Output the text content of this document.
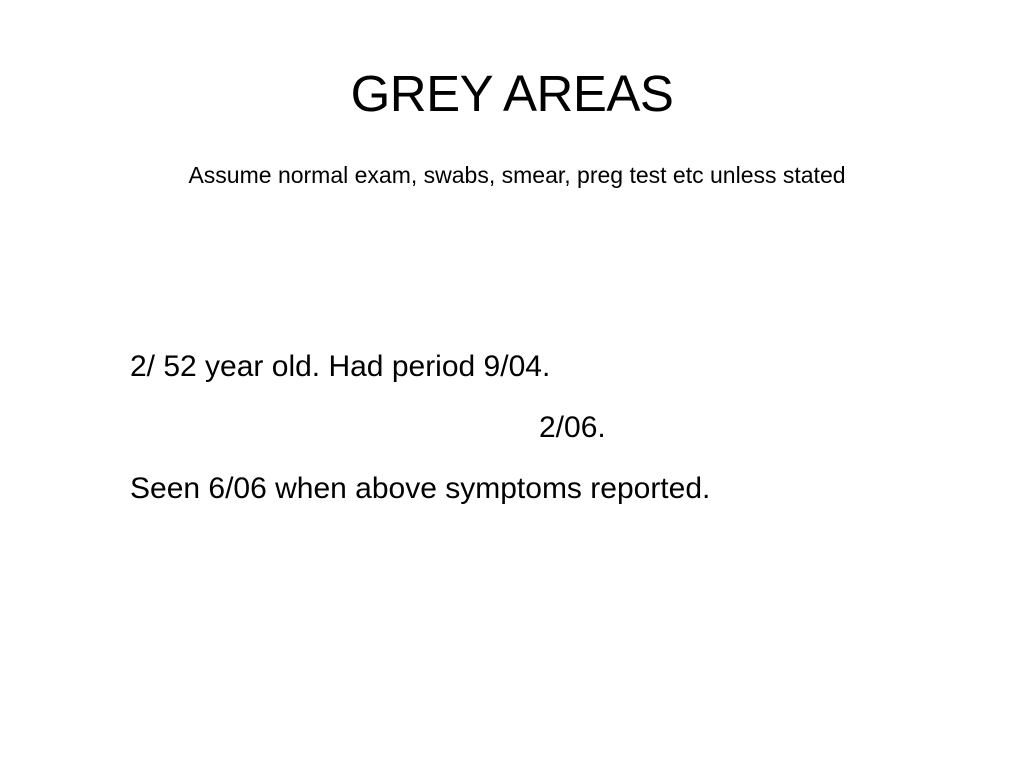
GREY AREAS
Assume normal exam, swabs, smear, preg test etc unless stated
2/ 52 year old. Had period 9/04.
2/06.
Seen 6/06 when above symptoms reported.
